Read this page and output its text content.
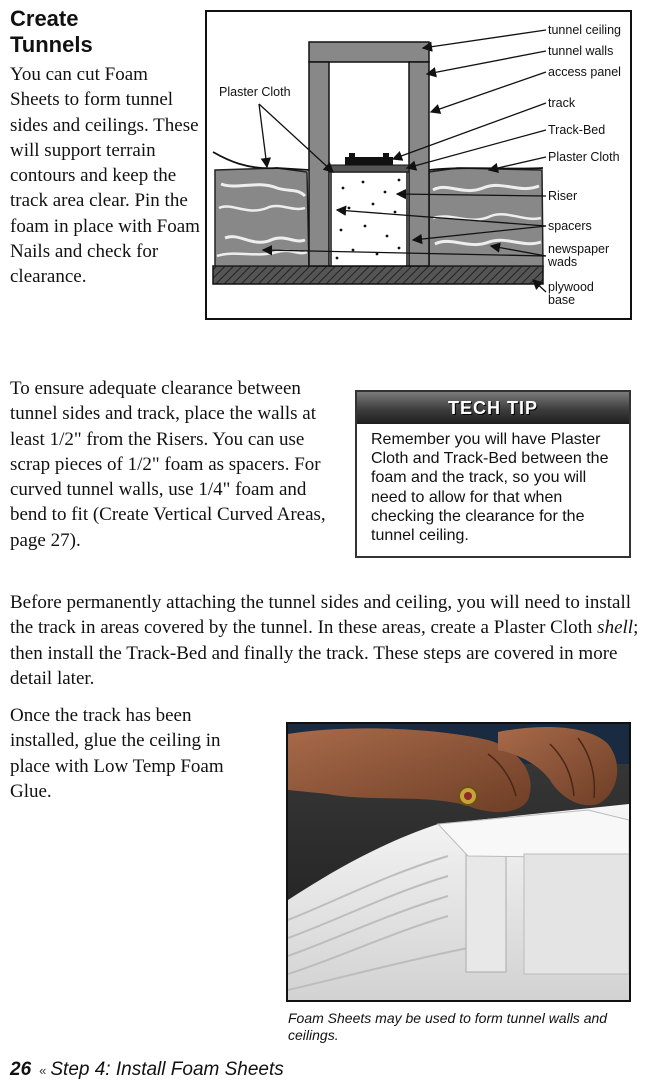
Create
Tunnels

You can cut Foam Sheets to form tunnel sides and ceilings. These will support terrain contours and keep the track area clear. Pin the foam in place with Foam Nails and check for clearance.

Plaster Cloth
tunnel ceiling
tunnel walls
access panel
track
Track-Bed
Plaster Cloth
Riser
spacers
newspaper
wads
plywood
base

To ensure adequate clearance between tunnel sides and track, place the walls at least 1/2" from the Risers. You can use scrap pieces of 1/2" foam as spacers. For curved tunnel walls, use 1/4" foam and bend to fit (Create Vertical Curved Areas, page 27).

TECH TIP
Remember you will have Plaster Cloth and Track-Bed between the foam and the track, so you will need to allow for that when checking the clearance for the tunnel ceiling.

Before permanently attaching the tunnel sides and ceiling, you will need to install the track in areas covered by the tunnel. In these areas, create a Plaster Cloth shell; then install the Track-Bed and finally the track. These steps are covered in more detail later.

Once the track has been installed, glue the ceiling in place with Low Temp Foam Glue.

Foam Sheets may be used to form tunnel walls and ceilings.

26 « Step 4: Install Foam Sheets
